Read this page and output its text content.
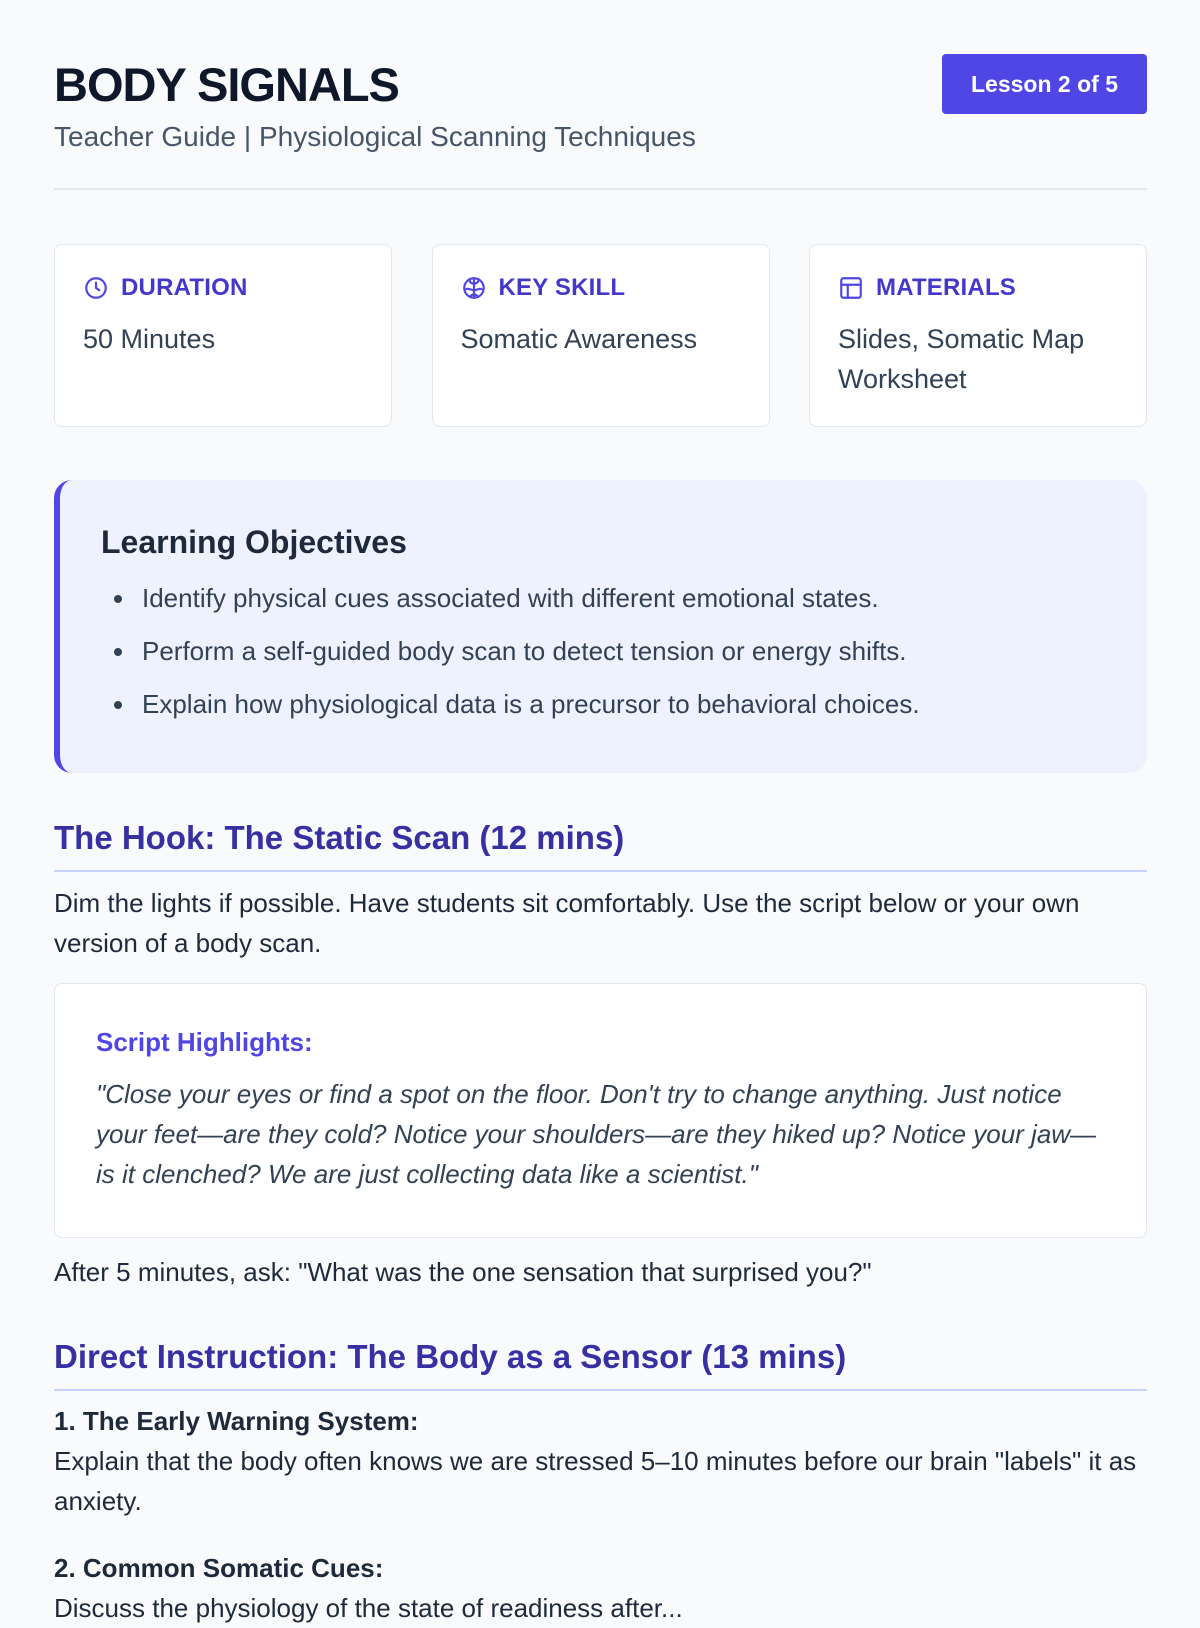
BODY SIGNALS
Teacher Guide | Physiological Scanning Techniques
Lesson 2 of 5
DURATION
50 Minutes
KEY SKILL
Somatic Awareness
MATERIALS
Slides, Somatic Map Worksheet
Learning Objectives
Identify physical cues associated with different emotional states.
Perform a self-guided body scan to detect tension or energy shifts.
Explain how physiological data is a precursor to behavioral choices.
The Hook: The Static Scan (12 mins)

Dim the lights if possible. Have students sit comfortably. Use the script below or your own version of a body scan.

Script Highlights:
"Close your eyes or find a spot on the floor. Don't try to change anything. Just notice your feet—are they cold? Notice your shoulders—are they hiked up? Notice your jaw—is it clenched? We are just collecting data like a scientist."

After 5 minutes, ask: "What was the one sensation that surprised you?"

Direct Instruction: The Body as a Sensor (13 mins)
1. The Early Warning System:

Explain that the body often knows we are stressed 5–10 minutes before our brain "labels" it as anxiety.

2. Common Somatic Cues:

Discuss the physiology of the state of readiness after...
